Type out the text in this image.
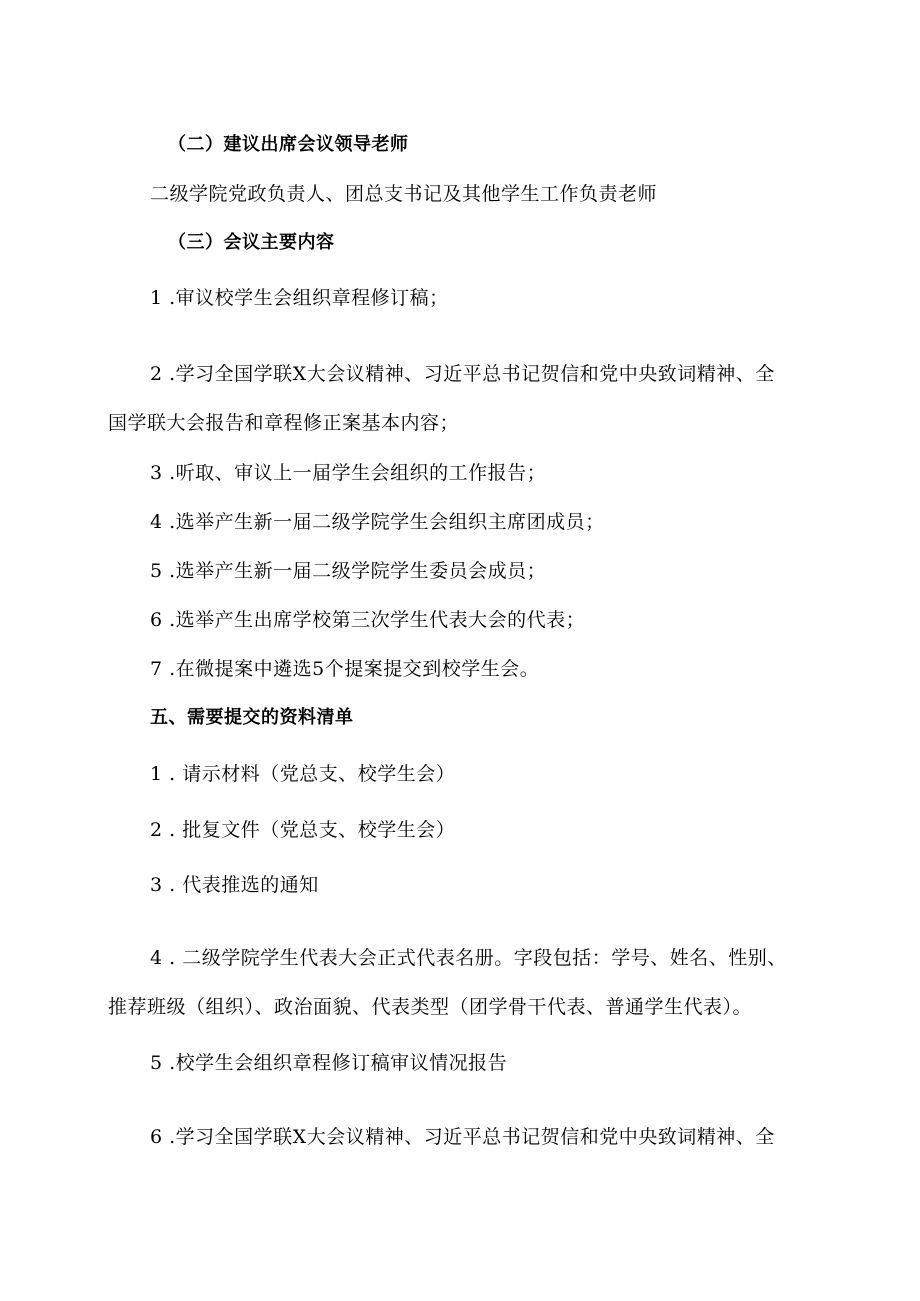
（二）建议出席会议领导老师
二级学院党政负责人、团总支书记及其他学生工作负责老师
（三）会议主要内容
1 .审议校学生会组织章程修订稿；
2 .学习全国学联X大会议精神、习近平总书记贺信和党中央致词精神、全
国学联大会报告和章程修正案基本内容；
3 .听取、审议上一届学生会组织的工作报告；
4 .选举产生新一届二级学院学生会组织主席团成员；
5 .选举产生新一届二级学院学生委员会成员；
6 .选举产生出席学校第三次学生代表大会的代表；
7 .在微提案中遴选5个提案提交到校学生会。
五、需要提交的资料清单
1 . 请示材料（党总支、校学生会）
2 . 批复文件（党总支、校学生会）
3 . 代表推选的通知
4 . 二级学院学生代表大会正式代表名册。字段包括：学号、姓名、性别、
推荐班级（组织）、政治面貌、代表类型（团学骨干代表、普通学生代表）。
5 .校学生会组织章程修订稿审议情况报告
6 .学习全国学联X大会议精神、习近平总书记贺信和党中央致词精神、全
